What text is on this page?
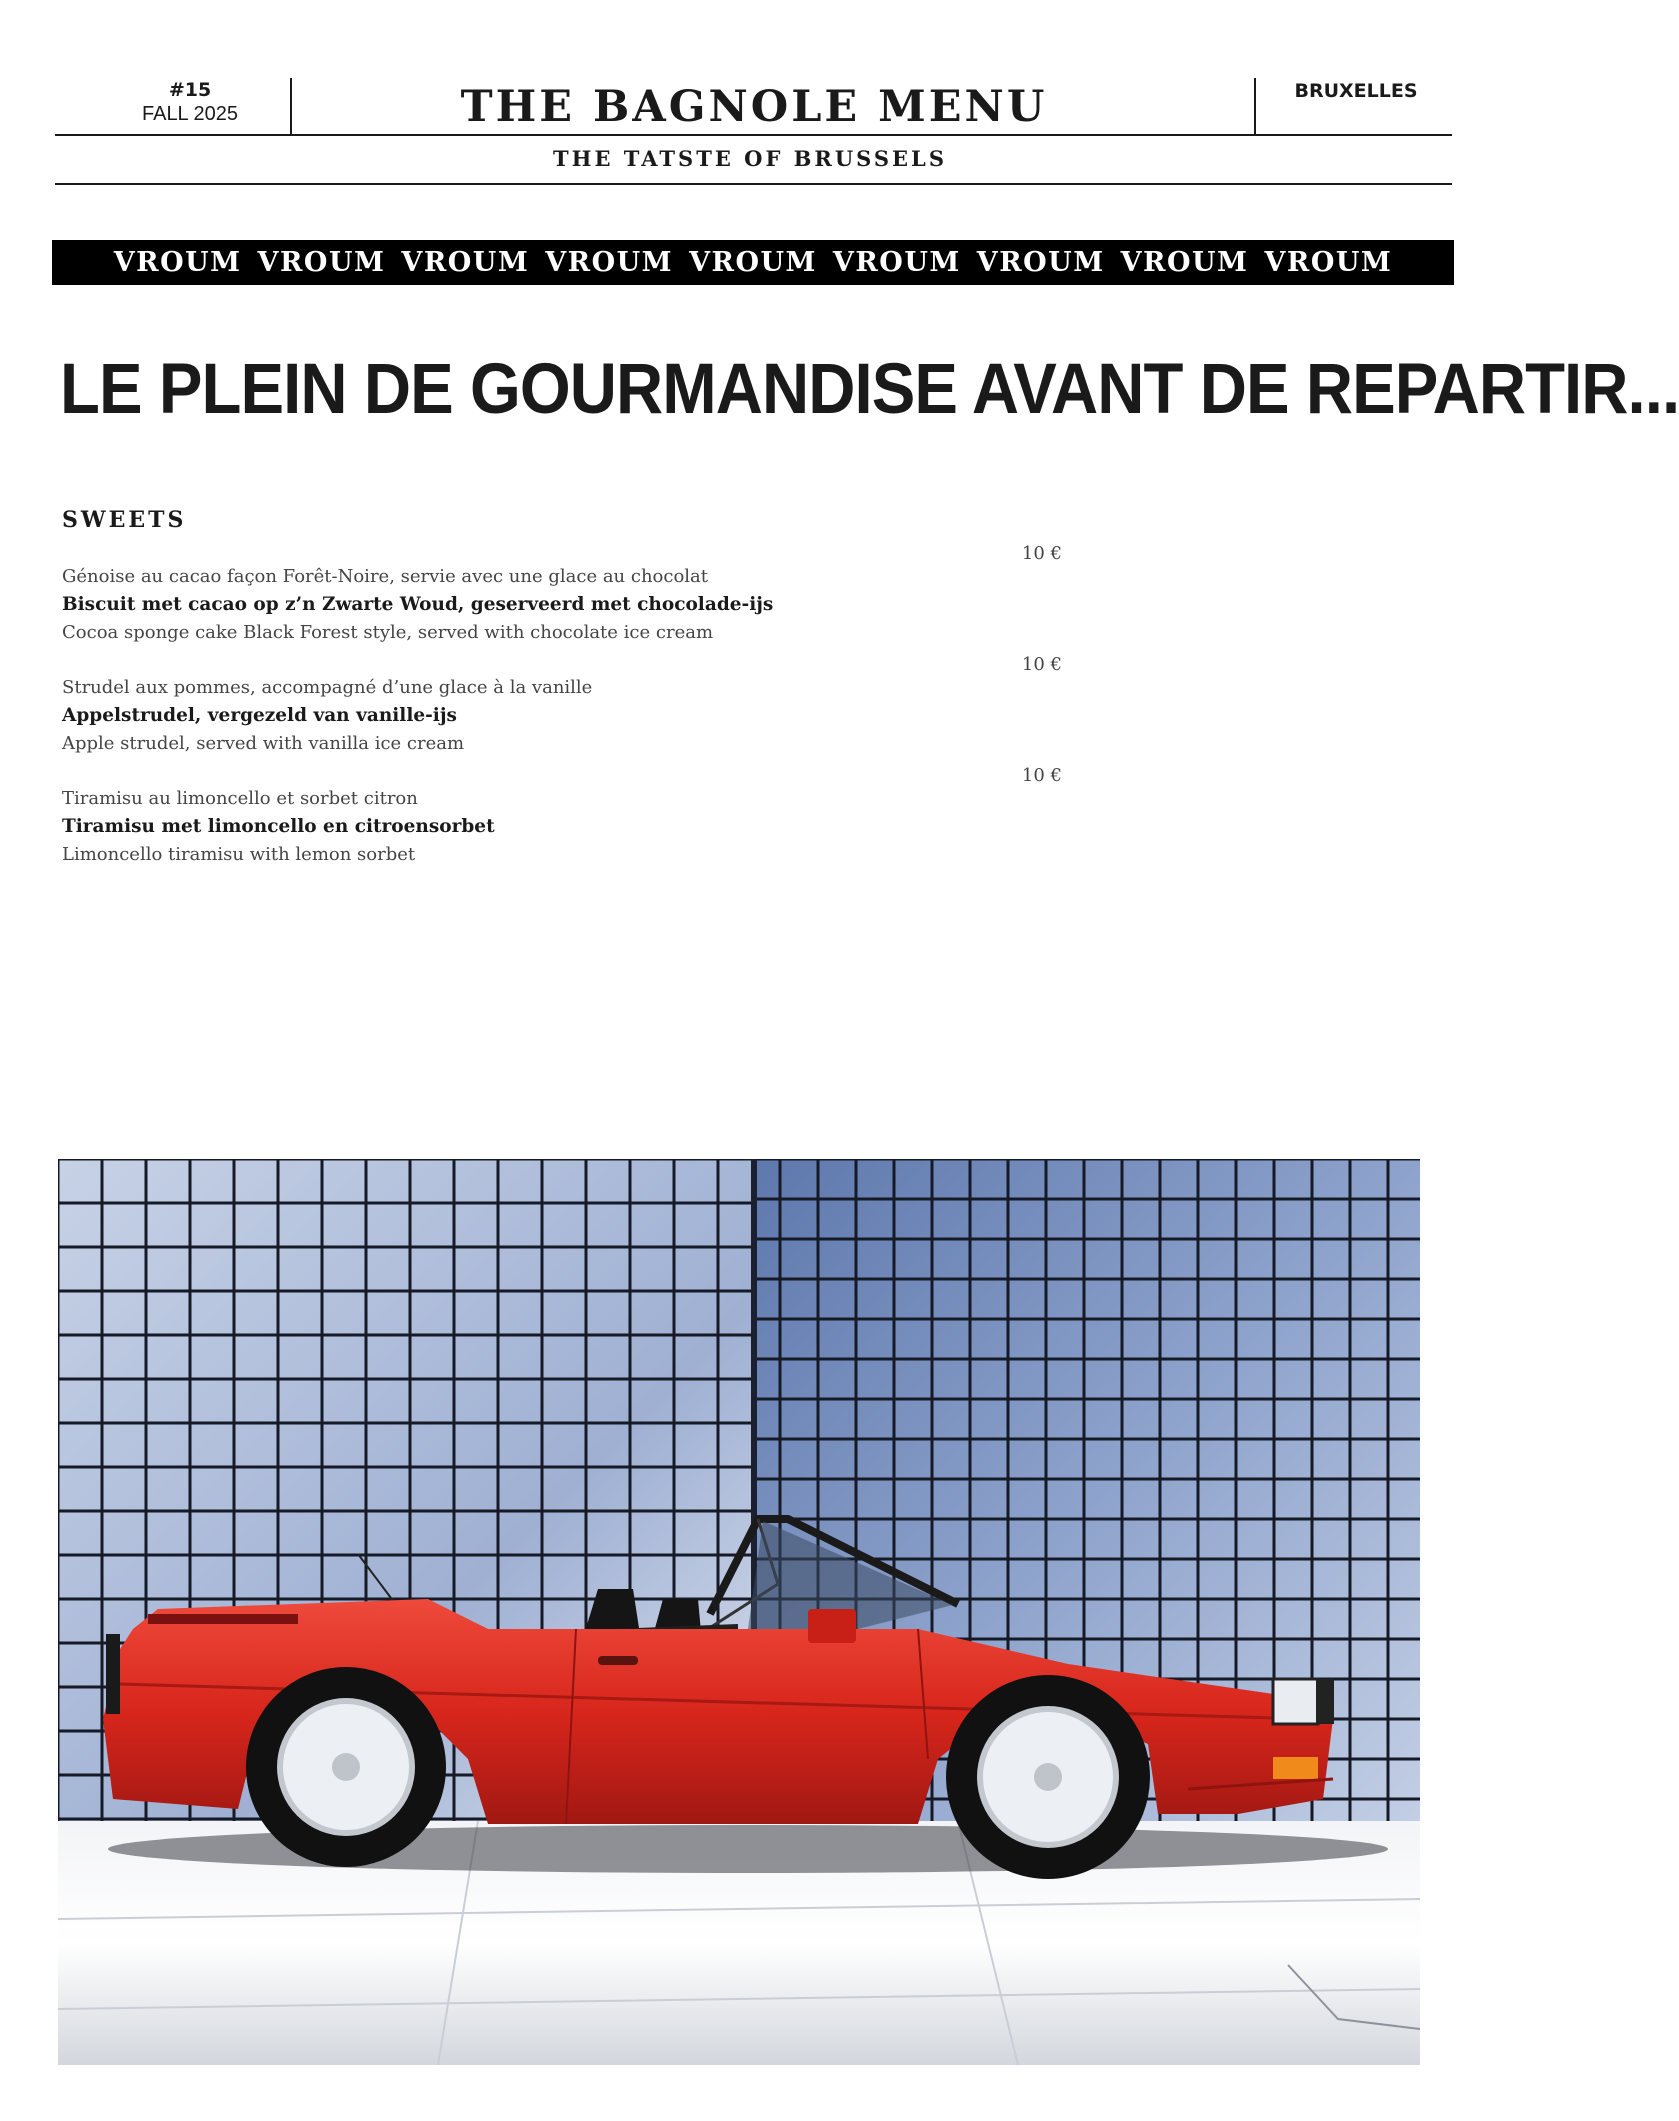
#15
FALL 2025	THE BAGNOLE MENU	BRUXELLES
THE TATSTE OF BRUSSELS
VROUM VROUM VROUM VROUM VROUM VROUM VROUM VROUM VROUM
LE PLEIN DE GOURMANDISE AVANT DE REPARTIR...
SWEETS
10 €
Génoise au cacao façon Forêt-Noire, servie avec une glace au chocolat
Biscuit met cacao op z’n Zwarte Woud, geserveerd met chocolade-ijs
Cocoa sponge cake Black Forest style, served with chocolate ice cream
10 €
Strudel aux pommes, accompagné d’une glace à la vanille
Appelstrudel, vergezeld van vanille-ijs
Apple strudel, served with vanilla ice cream
10 €
Tiramisu au limoncello et sorbet citron
Tiramisu met limoncello en citroensorbet
Limoncello tiramisu with lemon sorbet
